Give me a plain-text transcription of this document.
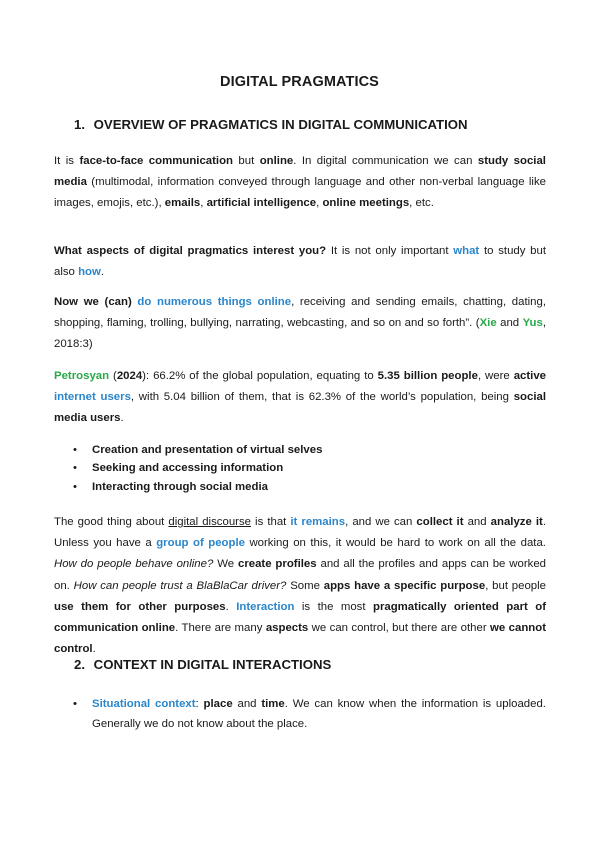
DIGITAL PRAGMATICS
1. OVERVIEW OF PRAGMATICS IN DIGITAL COMMUNICATION

It is face-to-face communication but online. In digital communication we can study social media (multimodal, information conveyed through language and other non-verbal language like images, emojis, etc.), emails, artificial intelligence, online meetings, etc.

What aspects of digital pragmatics interest you? It is not only important what to study but also how.

Now we (can) do numerous things online, receiving and sending emails, chatting, dating, shopping, flaming, trolling, bullying, narrating, webcasting, and so on and so forth”. (Xie and Yus, 2018:3)

Petrosyan (2024): 66.2% of the global population, equating to 5.35 billion people, were active internet users, with 5.04 billion of them, that is 62.3% of the world’s population, being social media users.

• Creation and presentation of virtual selves
• Seeking and accessing information
• Interacting through social media

The good thing about digital discourse is that it remains, and we can collect it and analyze it. Unless you have a group of people working on this, it would be hard to work on all the data. How do people behave online? We create profiles and all the profiles and apps can be worked on. How can people trust a BlaBlaCar driver? Some apps have a specific purpose, but people use them for other purposes. Interaction is the most pragmatically oriented part of communication online. There are many aspects we can control, but there are other we cannot control.

2. CONTEXT IN DIGITAL INTERACTIONS
• Situational context: place and time. We can know when the information is uploaded. Generally we do not know about the place.
